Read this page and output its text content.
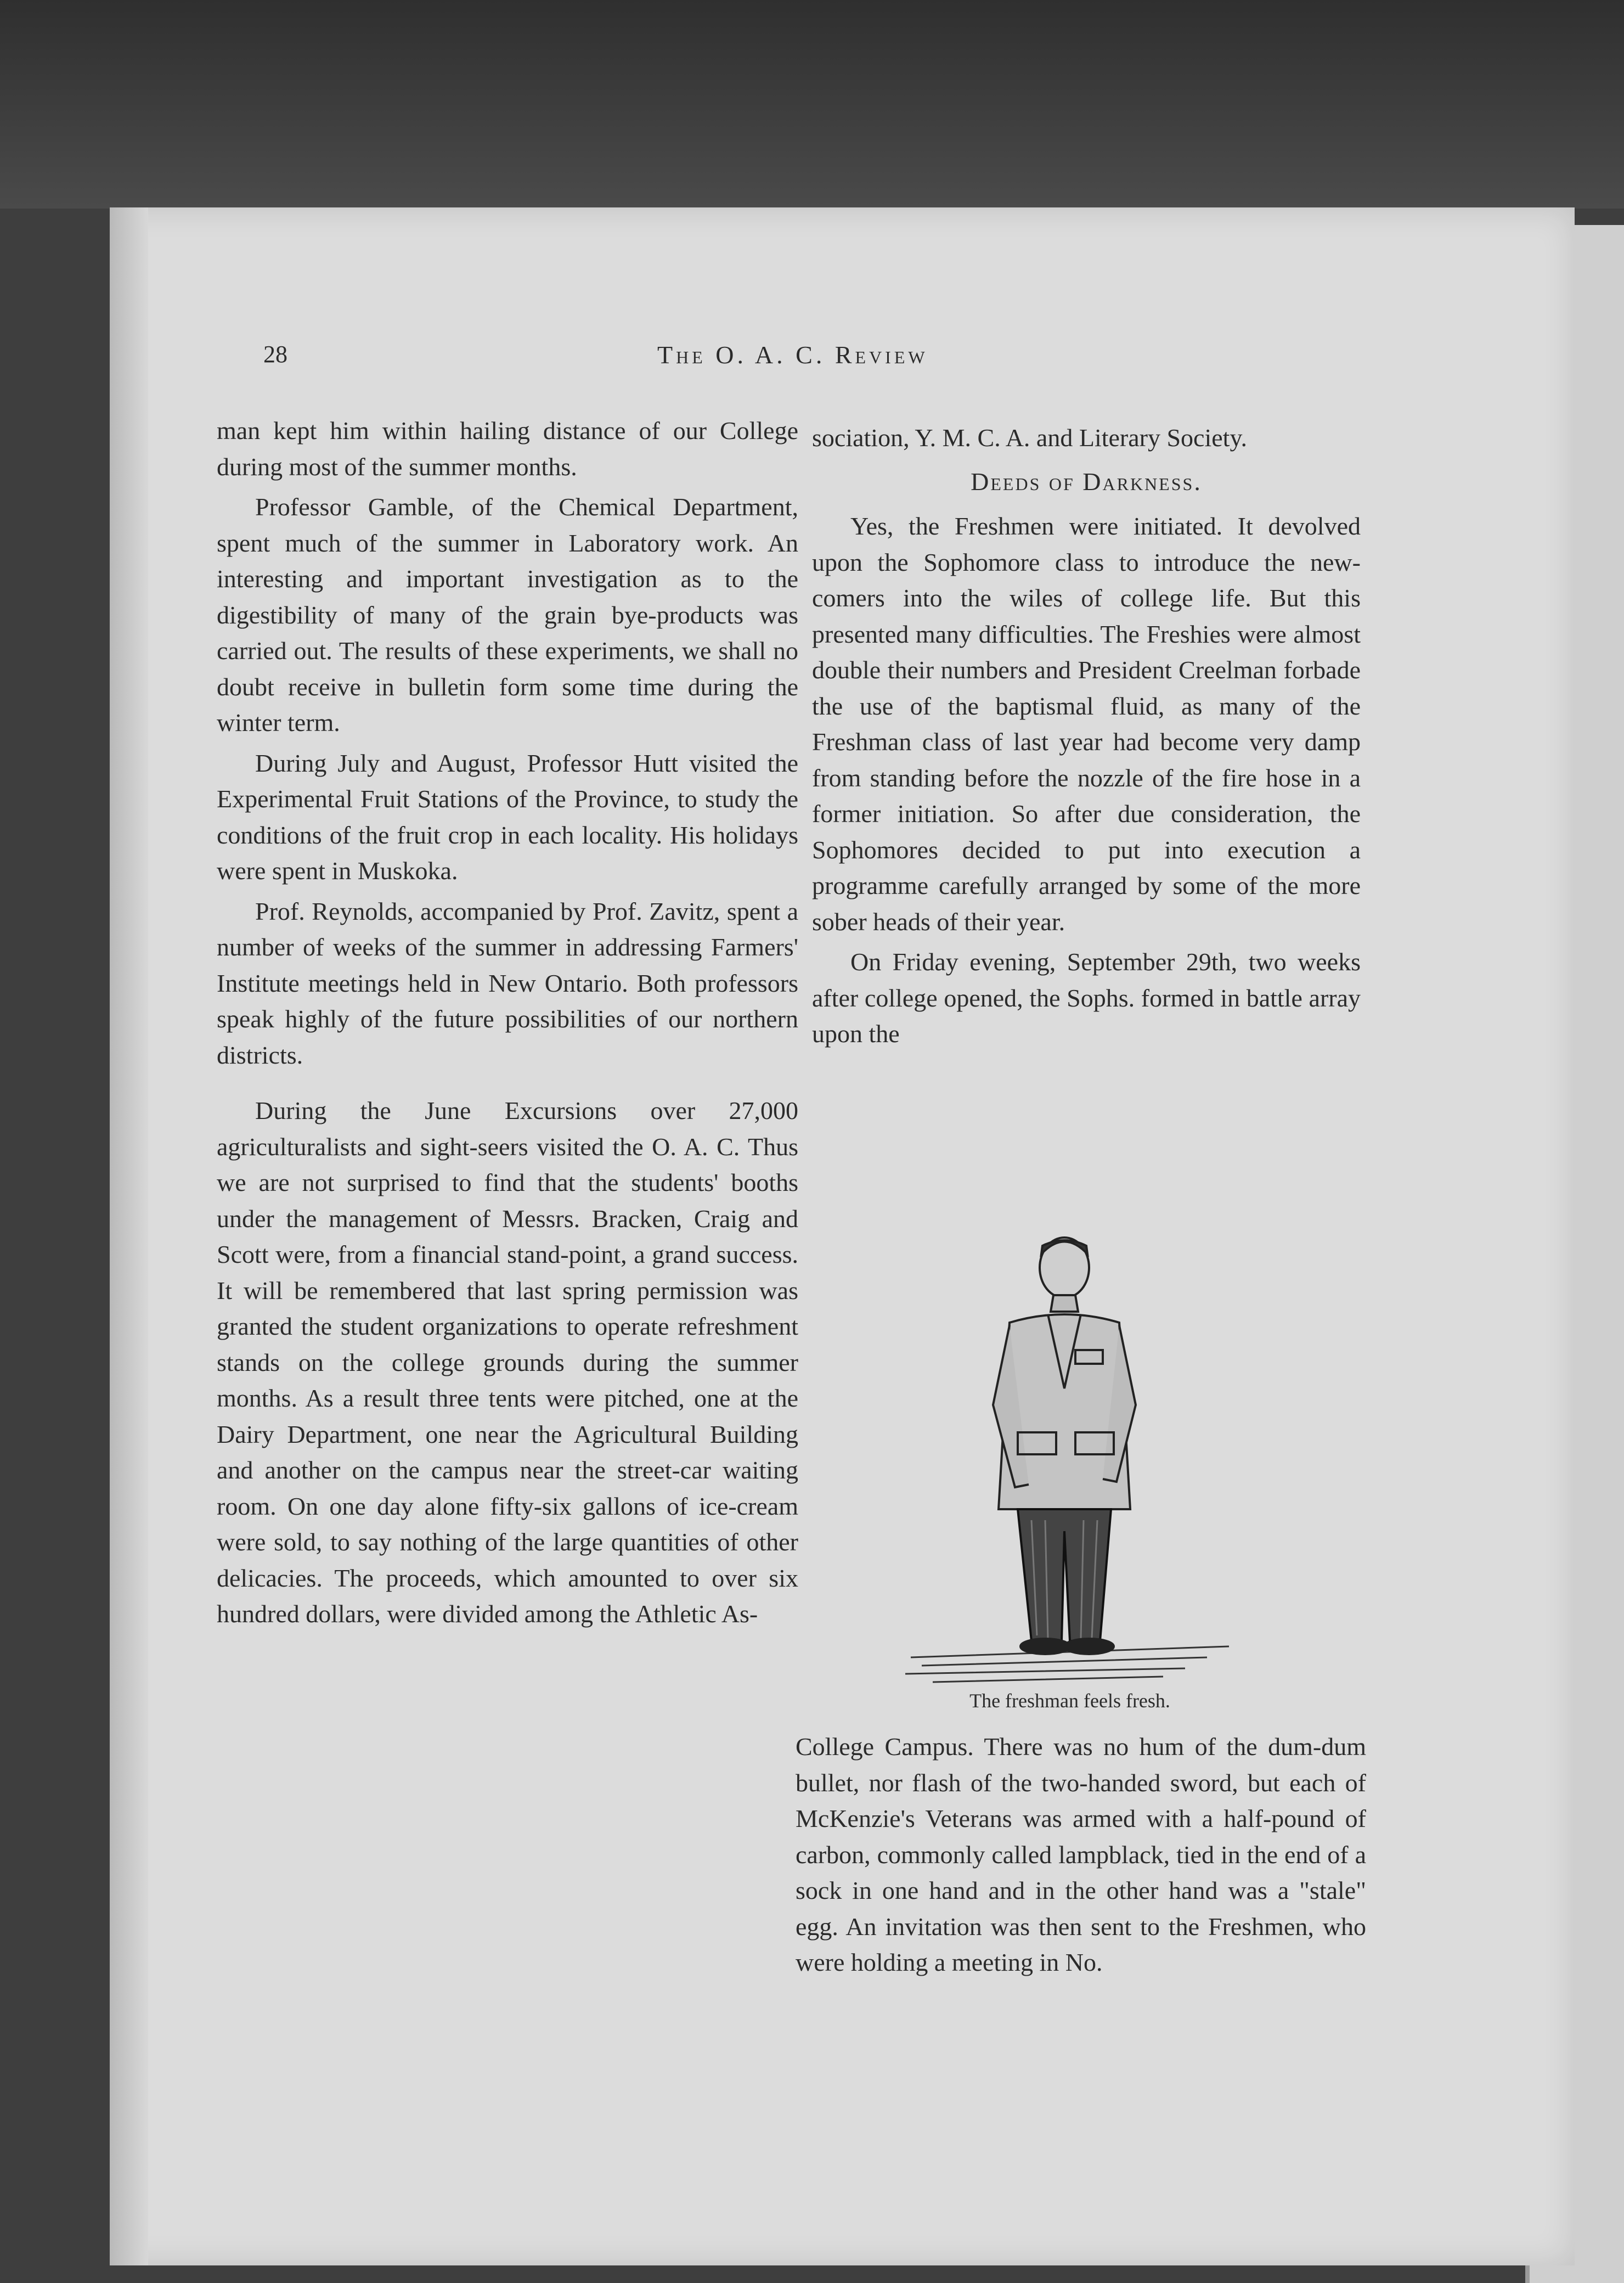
28	The O. A. C. Review

man kept him within hailing distance of our College during most of the summer months.

Professor Gamble, of the Chemical Department, spent much of the summer in Laboratory work. An interesting and important investigation as to the digestibility of many of the grain bye-products was carried out. The results of these experiments, we shall no doubt receive in bulletin form some time during the winter term.

During July and August, Professor Hutt visited the Experimental Fruit Stations of the Province, to study the conditions of the fruit crop in each locality. His holidays were spent in Muskoka.

Prof. Reynolds, accompanied by Prof. Zavitz, spent a number of weeks of the summer in addressing Farmers' Institute meetings held in New Ontario. Both professors speak highly of the future possibilities of our northern districts.

During the June Excursions over 27,000 agriculturalists and sight-seers visited the O. A. C. Thus we are not surprised to find that the students' booths under the management of Messrs. Bracken, Craig and Scott were, from a financial stand-point, a grand success. It will be remembered that last spring permission was granted the student organizations to operate refreshment stands on the college grounds during the summer months. As a result three tents were pitched, one at the Dairy Department, one near the Agricultural Building and another on the campus near the street-car waiting room. On one day alone fifty-six gallons of ice-cream were sold, to say nothing of the large quantities of other delicacies. The proceeds, which amounted to over six hundred dollars, were divided among the Athletic As-

sociation, Y. M. C. A. and Literary Society.

Deeds of Darkness.

Yes, the Freshmen were initiated. It devolved upon the Sophomore class to introduce the new-comers into the wiles of college life. But this presented many difficulties. The Freshies were almost double their numbers and President Creelman forbade the use of the baptismal fluid, as many of the Freshman class of last year had become very damp from standing before the nozzle of the fire hose in a former initiation. So after due consideration, the Sophomores decided to put into execution a programme carefully arranged by some of the more sober heads of their year.

On Friday evening, September 29th, two weeks after college opened, the Sophs. formed in battle array upon the

The freshman feels fresh.

College Campus. There was no hum of the dum-dum bullet, nor flash of the two-handed sword, but each of McKenzie's Veterans was armed with a half-pound of carbon, commonly called lampblack, tied in the end of a sock in one hand and in the other hand was a "stale" egg. An invitation was then sent to the Freshmen, who were holding a meeting in No.
